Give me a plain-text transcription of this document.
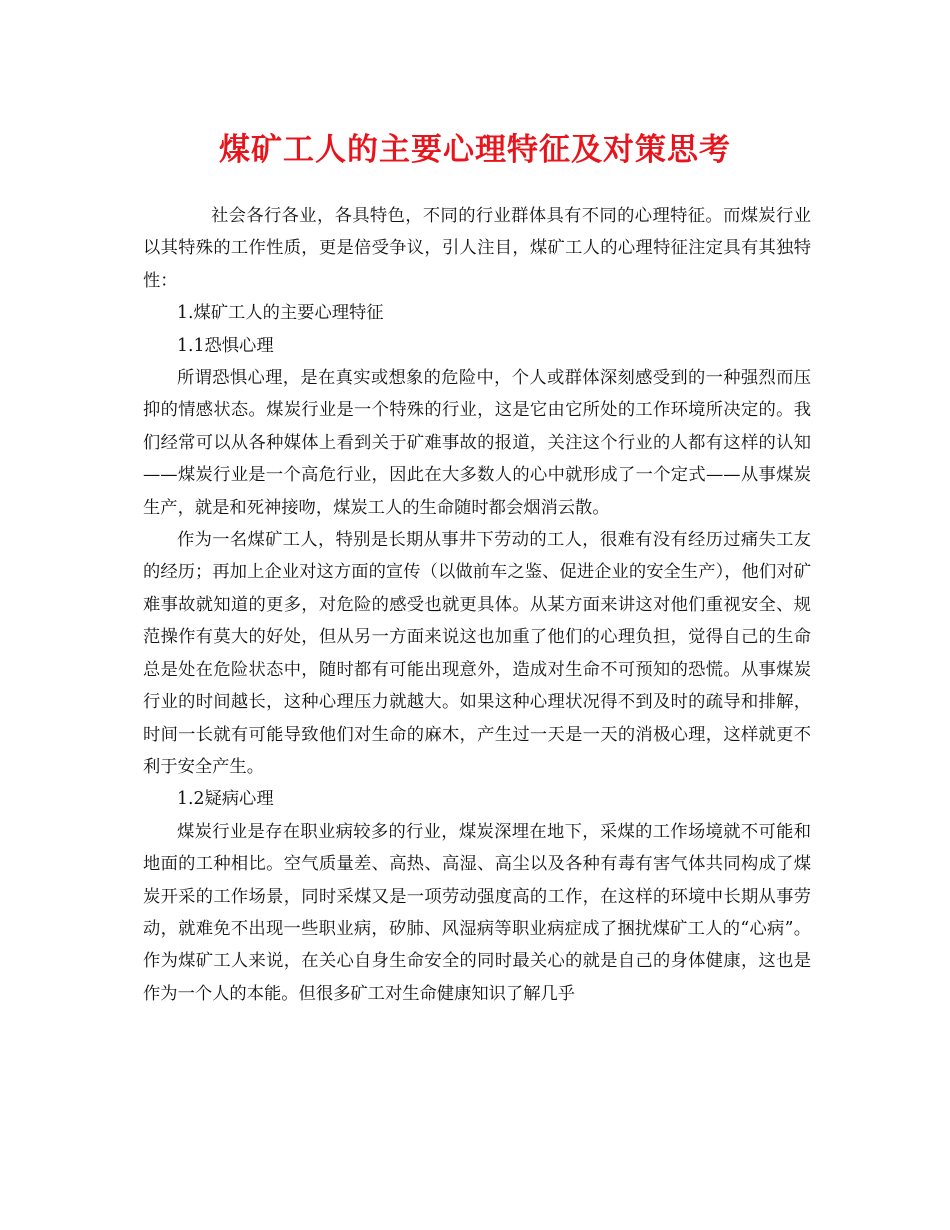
煤矿工人的主要心理特征及对策思考

社会各行各业，各具特色，不同的行业群体具有不同的心理特征。而煤炭行业以其特殊的工作性质，更是倍受争议，引人注目，煤矿工人的心理特征注定具有其独特性：

1.煤矿工人的主要心理特征

1.1恐惧心理

所谓恐惧心理，是在真实或想象的危险中，个人或群体深刻感受到的一种强烈而压抑的情感状态。煤炭行业是一个特殊的行业，这是它由它所处的工作环境所决定的。我们经常可以从各种媒体上看到关于矿难事故的报道，关注这个行业的人都有这样的认知——煤炭行业是一个高危行业，因此在大多数人的心中就形成了一个定式——从事煤炭生产，就是和死神接吻，煤炭工人的生命随时都会烟消云散。

作为一名煤矿工人，特别是长期从事井下劳动的工人，很难有没有经历过痛失工友的经历；再加上企业对这方面的宣传（以做前车之鉴、促进企业的安全生产），他们对矿难事故就知道的更多，对危险的感受也就更具体。从某方面来讲这对他们重视安全、规范操作有莫大的好处，但从另一方面来说这也加重了他们的心理负担，觉得自己的生命总是处在危险状态中，随时都有可能出现意外，造成对生命不可预知的恐慌。从事煤炭行业的时间越长，这种心理压力就越大。如果这种心理状况得不到及时的疏导和排解，时间一长就有可能导致他们对生命的麻木，产生过一天是一天的消极心理，这样就更不利于安全产生。

1.2疑病心理

煤炭行业是存在职业病较多的行业，煤炭深埋在地下，采煤的工作场境就不可能和地面的工种相比。空气质量差、高热、高湿、高尘以及各种有毒有害气体共同构成了煤炭开采的工作场景，同时采煤又是一项劳动强度高的工作，在这样的环境中长期从事劳动，就难免不出现一些职业病，矽肺、风湿病等职业病症成了捆扰煤矿工人的“心病”。作为煤矿工人来说，在关心自身生命安全的同时最关心的就是自己的身体健康，这也是作为一个人的本能。但很多矿工对生命健康知识了解几乎
